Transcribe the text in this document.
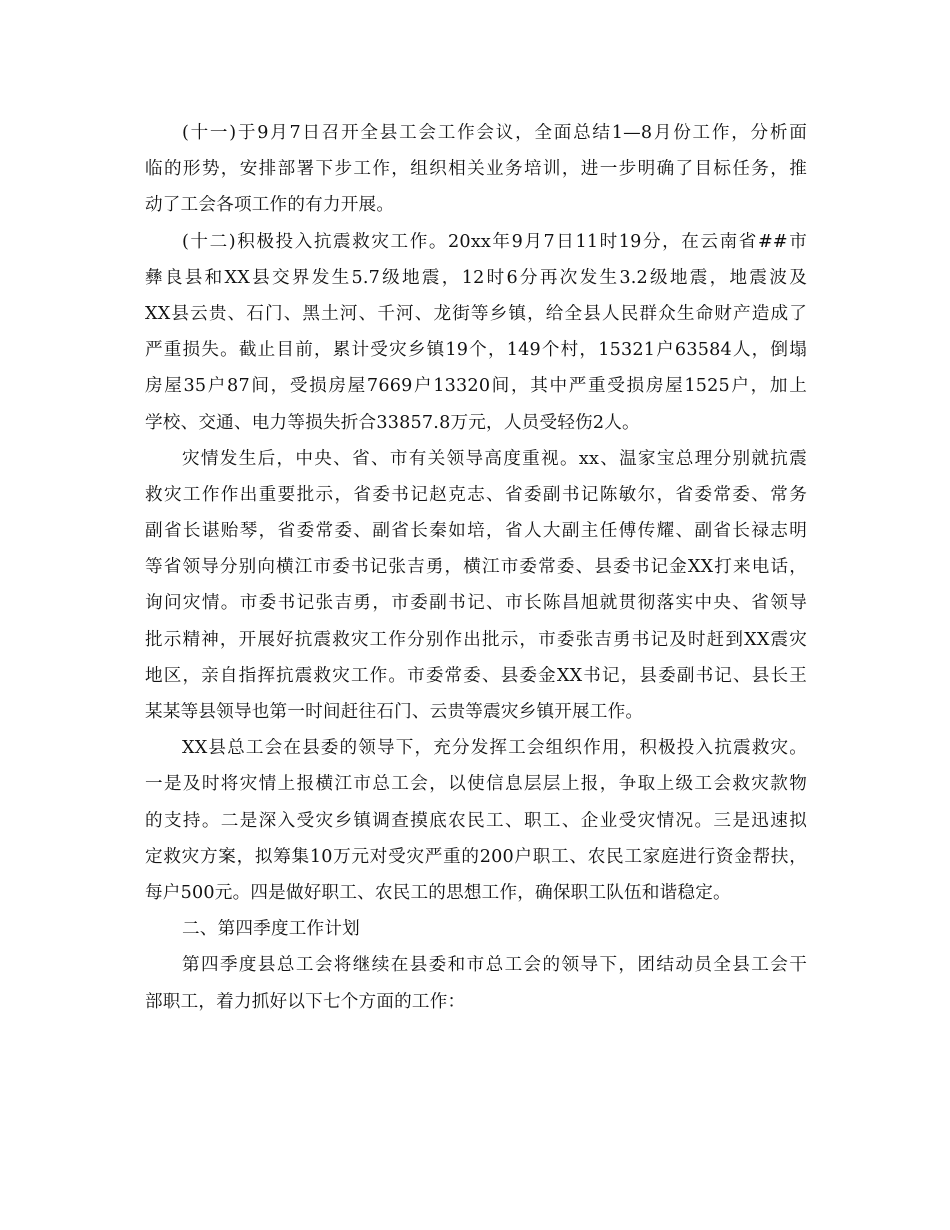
(十一)于9月7日召开全县工会工作会议，全面总结1—8月份工作，分析面
临的形势，安排部署下步工作，组织相关业务培训，进一步明确了目标任务，推
动了工会各项工作的有力开展。
(十二)积极投入抗震救灾工作。20xx年9月7日11时19分，在云南省##市
彝良县和XX县交界发生5.7级地震，12时6分再次发生3.2级地震，地震波及
XX县云贵、石门、黑土河、千河、龙街等乡镇，给全县人民群众生命财产造成了
严重损失。截止目前，累计受灾乡镇19个，149个村，15321户63584人，倒塌
房屋35户87间，受损房屋7669户13320间，其中严重受损房屋1525户，加上
学校、交通、电力等损失折合33857.8万元，人员受轻伤2人。
灾情发生后，中央、省、市有关领导高度重视。xx、温家宝总理分别就抗震
救灾工作作出重要批示，省委书记赵克志、省委副书记陈敏尔，省委常委、常务
副省长谌贻琴，省委常委、副省长秦如培，省人大副主任傅传耀、副省长禄志明
等省领导分别向横江市委书记张吉勇，横江市委常委、县委书记金XX打来电话，
询问灾情。市委书记张吉勇，市委副书记、市长陈昌旭就贯彻落实中央、省领导
批示精神，开展好抗震救灾工作分别作出批示，市委张吉勇书记及时赶到XX震灾
地区，亲自指挥抗震救灾工作。市委常委、县委金XX书记，县委副书记、县长王
某某等县领导也第一时间赶往石门、云贵等震灾乡镇开展工作。
XX县总工会在县委的领导下，充分发挥工会组织作用，积极投入抗震救灾。
一是及时将灾情上报横江市总工会，以使信息层层上报，争取上级工会救灾款物
的支持。二是深入受灾乡镇调查摸底农民工、职工、企业受灾情况。三是迅速拟
定救灾方案，拟筹集10万元对受灾严重的200户职工、农民工家庭进行资金帮扶，
每户500元。四是做好职工、农民工的思想工作，确保职工队伍和谐稳定。
二、第四季度工作计划
第四季度县总工会将继续在县委和市总工会的领导下，团结动员全县工会干
部职工，着力抓好以下七个方面的工作：
